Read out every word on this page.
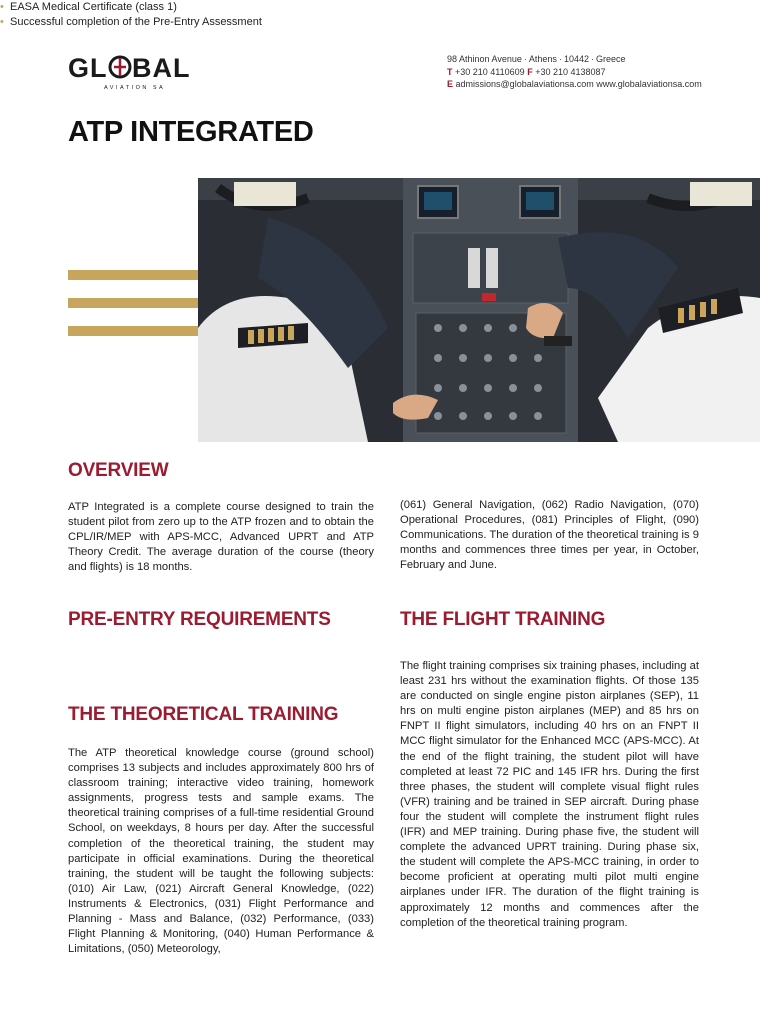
GL BAL
AVIATION SA
98 Athinon Avenue · Athens · 10442 · Greece
T +30 210 4110609 F +30 210 4138087
E admissions@globalaviationsa.com www.globalaviationsa.com
ATP INTEGRATED
OVERVIEW
ATP Integrated is a complete course designed to train the student pilot from zero up to the ATP frozen and to obtain the CPL/IR/MEP with APS-MCC, Advanced UPRT and ATP Theory Credit. The average duration of the course (theory and flights) is 18 months.
(061) General Navigation, (062) Radio Navigation, (070) Operational Procedures, (081) Principles of Flight, (090) Communications. The duration of the theoretical training is 9 months and commences three times per year, in October, February and June.
PRE-ENTRY REQUIREMENTS
• EASA Medical Certificate (class 1)
• Successful completion of the Pre-Entry Assessment
THE THEORETICAL TRAINING
The ATP theoretical knowledge course (ground school) comprises 13 subjects and includes approximately 800 hrs of classroom training; interactive video training, homework assignments, progress tests and sample exams. The theoretical training comprises of a full-time residential Ground School, on weekdays, 8 hours per day. After the successful completion of the theoretical training, the student may participate in official examinations. During the theoretical training, the student will be taught the following subjects: (010) Air Law, (021) Aircraft General Knowledge, (022) Instruments & Electronics, (031) Flight Performance and Planning - Mass and Balance, (032) Performance, (033) Flight Planning & Monitoring, (040) Human Performance & Limitations, (050) Meteorology,
THE FLIGHT TRAINING
The flight training comprises six training phases, including at least 231 hrs without the examination flights. Of those 135 are conducted on single engine piston airplanes (SEP), 11 hrs on multi engine piston airplanes (MEP) and 85 hrs on FNPT II flight simulators, including 40 hrs on an FNPT II MCC flight simulator for the Enhanced MCC (APS-MCC). At the end of the flight training, the student pilot will have completed at least 72 PIC and 145 IFR hrs. During the first three phases, the student will complete visual flight rules (VFR) training and be trained in SEP aircraft. During phase four the student will complete the instrument flight rules (IFR) and MEP training. During phase five, the student will complete the advanced UPRT training. During phase six, the student will complete the APS-MCC training, in order to become proficient at operating multi pilot multi engine airplanes under IFR. The duration of the flight training is approximately 12 months and commences after the completion of the theoretical training program.
